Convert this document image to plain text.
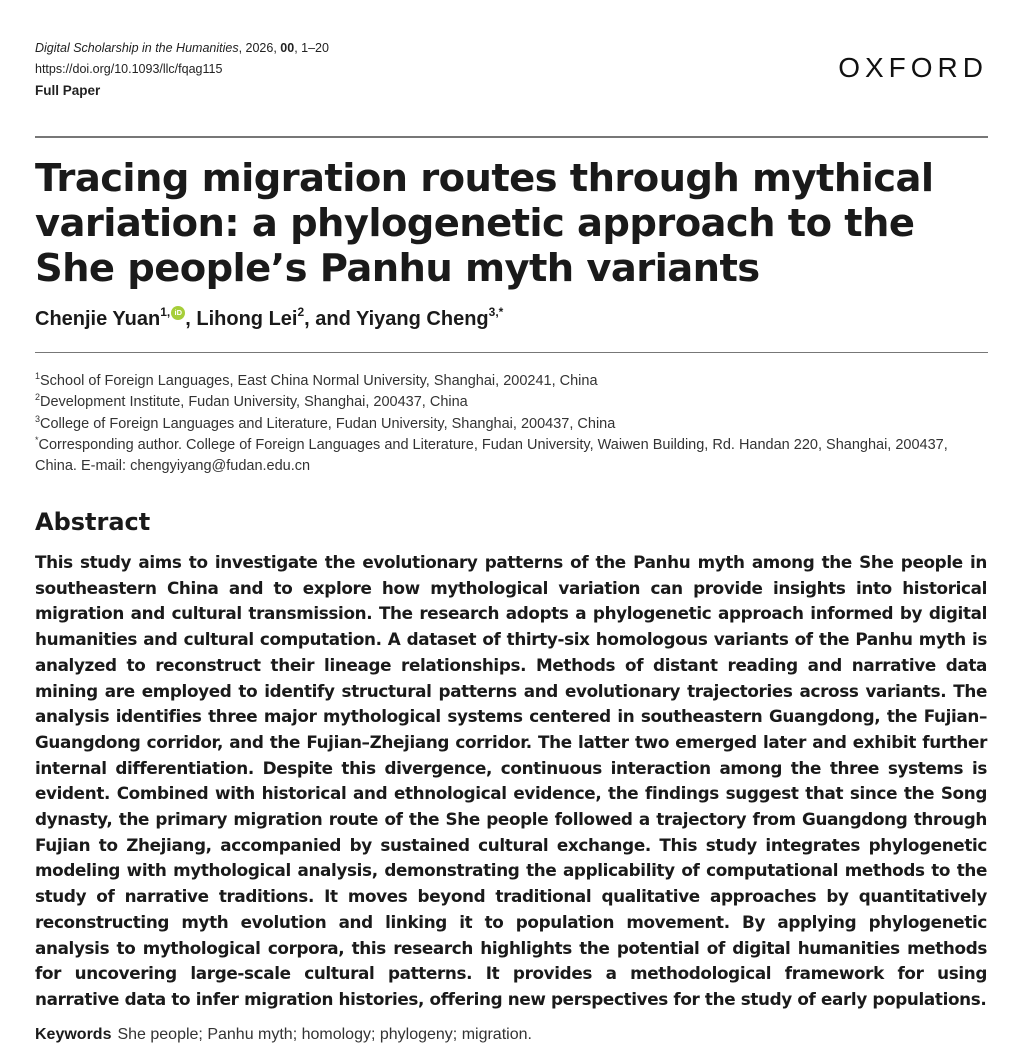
Digital Scholarship in the Humanities, 2026, 00, 1–20
https://doi.org/10.1093/llc/fqag115
Full Paper
OXFORD
Tracing migration routes through mythical variation: a phylogenetic approach to the She people’s Panhu myth variants
Chenjie Yuan$^{1,}$ iD , Lihong Lei$^2$, and Yiyang Cheng$^{3,*}$
$^1$School of Foreign Languages, East China Normal University, Shanghai, 200241, China
$^2$Development Institute, Fudan University, Shanghai, 200437, China
$^3$College of Foreign Languages and Literature, Fudan University, Shanghai, 200437, China
*Corresponding author. College of Foreign Languages and Literature, Fudan University, Waiwen Building, Rd. Handan 220, Shanghai, 200437, China. E-mail: chengyiyang@fudan.edu.cn
Abstract

This study aims to investigate the evolutionary patterns of the Panhu myth among the She people in southeastern China and to explore how mythological variation can provide insights into historical migration and cultural transmission. The research adopts a phylogenetic approach informed by digital humanities and cultural computation. A dataset of thirty-six homologous variants of the Panhu myth is analyzed to reconstruct their lineage relationships. Methods of distant reading and narrative data mining are employed to identify structural patterns and evolutionary trajectories across variants. The analysis identifies three major mythological systems centered in southeastern Guangdong, the Fujian–Guangdong corridor, and the Fujian–Zhejiang corridor. The latter two emerged later and exhibit further internal differentiation. Despite this divergence, continuous interaction among the three systems is evident. Combined with historical and ethnological evidence, the findings suggest that since the Song dynasty, the primary migration route of the She people followed a trajectory from Guangdong through Fujian to Zhejiang, accompanied by sustained cultural exchange. This study integrates phylogenetic modeling with mythological analysis, demonstrating the applicability of computational methods to the study of narrative traditions. It moves beyond traditional qualitative approaches by quantitatively reconstructing myth evolution and linking it to population movement. By applying phylogenetic analysis to mythological corpora, this research highlights the potential of digital humanities methods for uncovering large-scale cultural patterns. It provides a methodological framework for using narrative data to infer migration histories, offering new perspectives for the study of early populations.

Keywords She people; Panhu myth; homology; phylogeny; migration.
